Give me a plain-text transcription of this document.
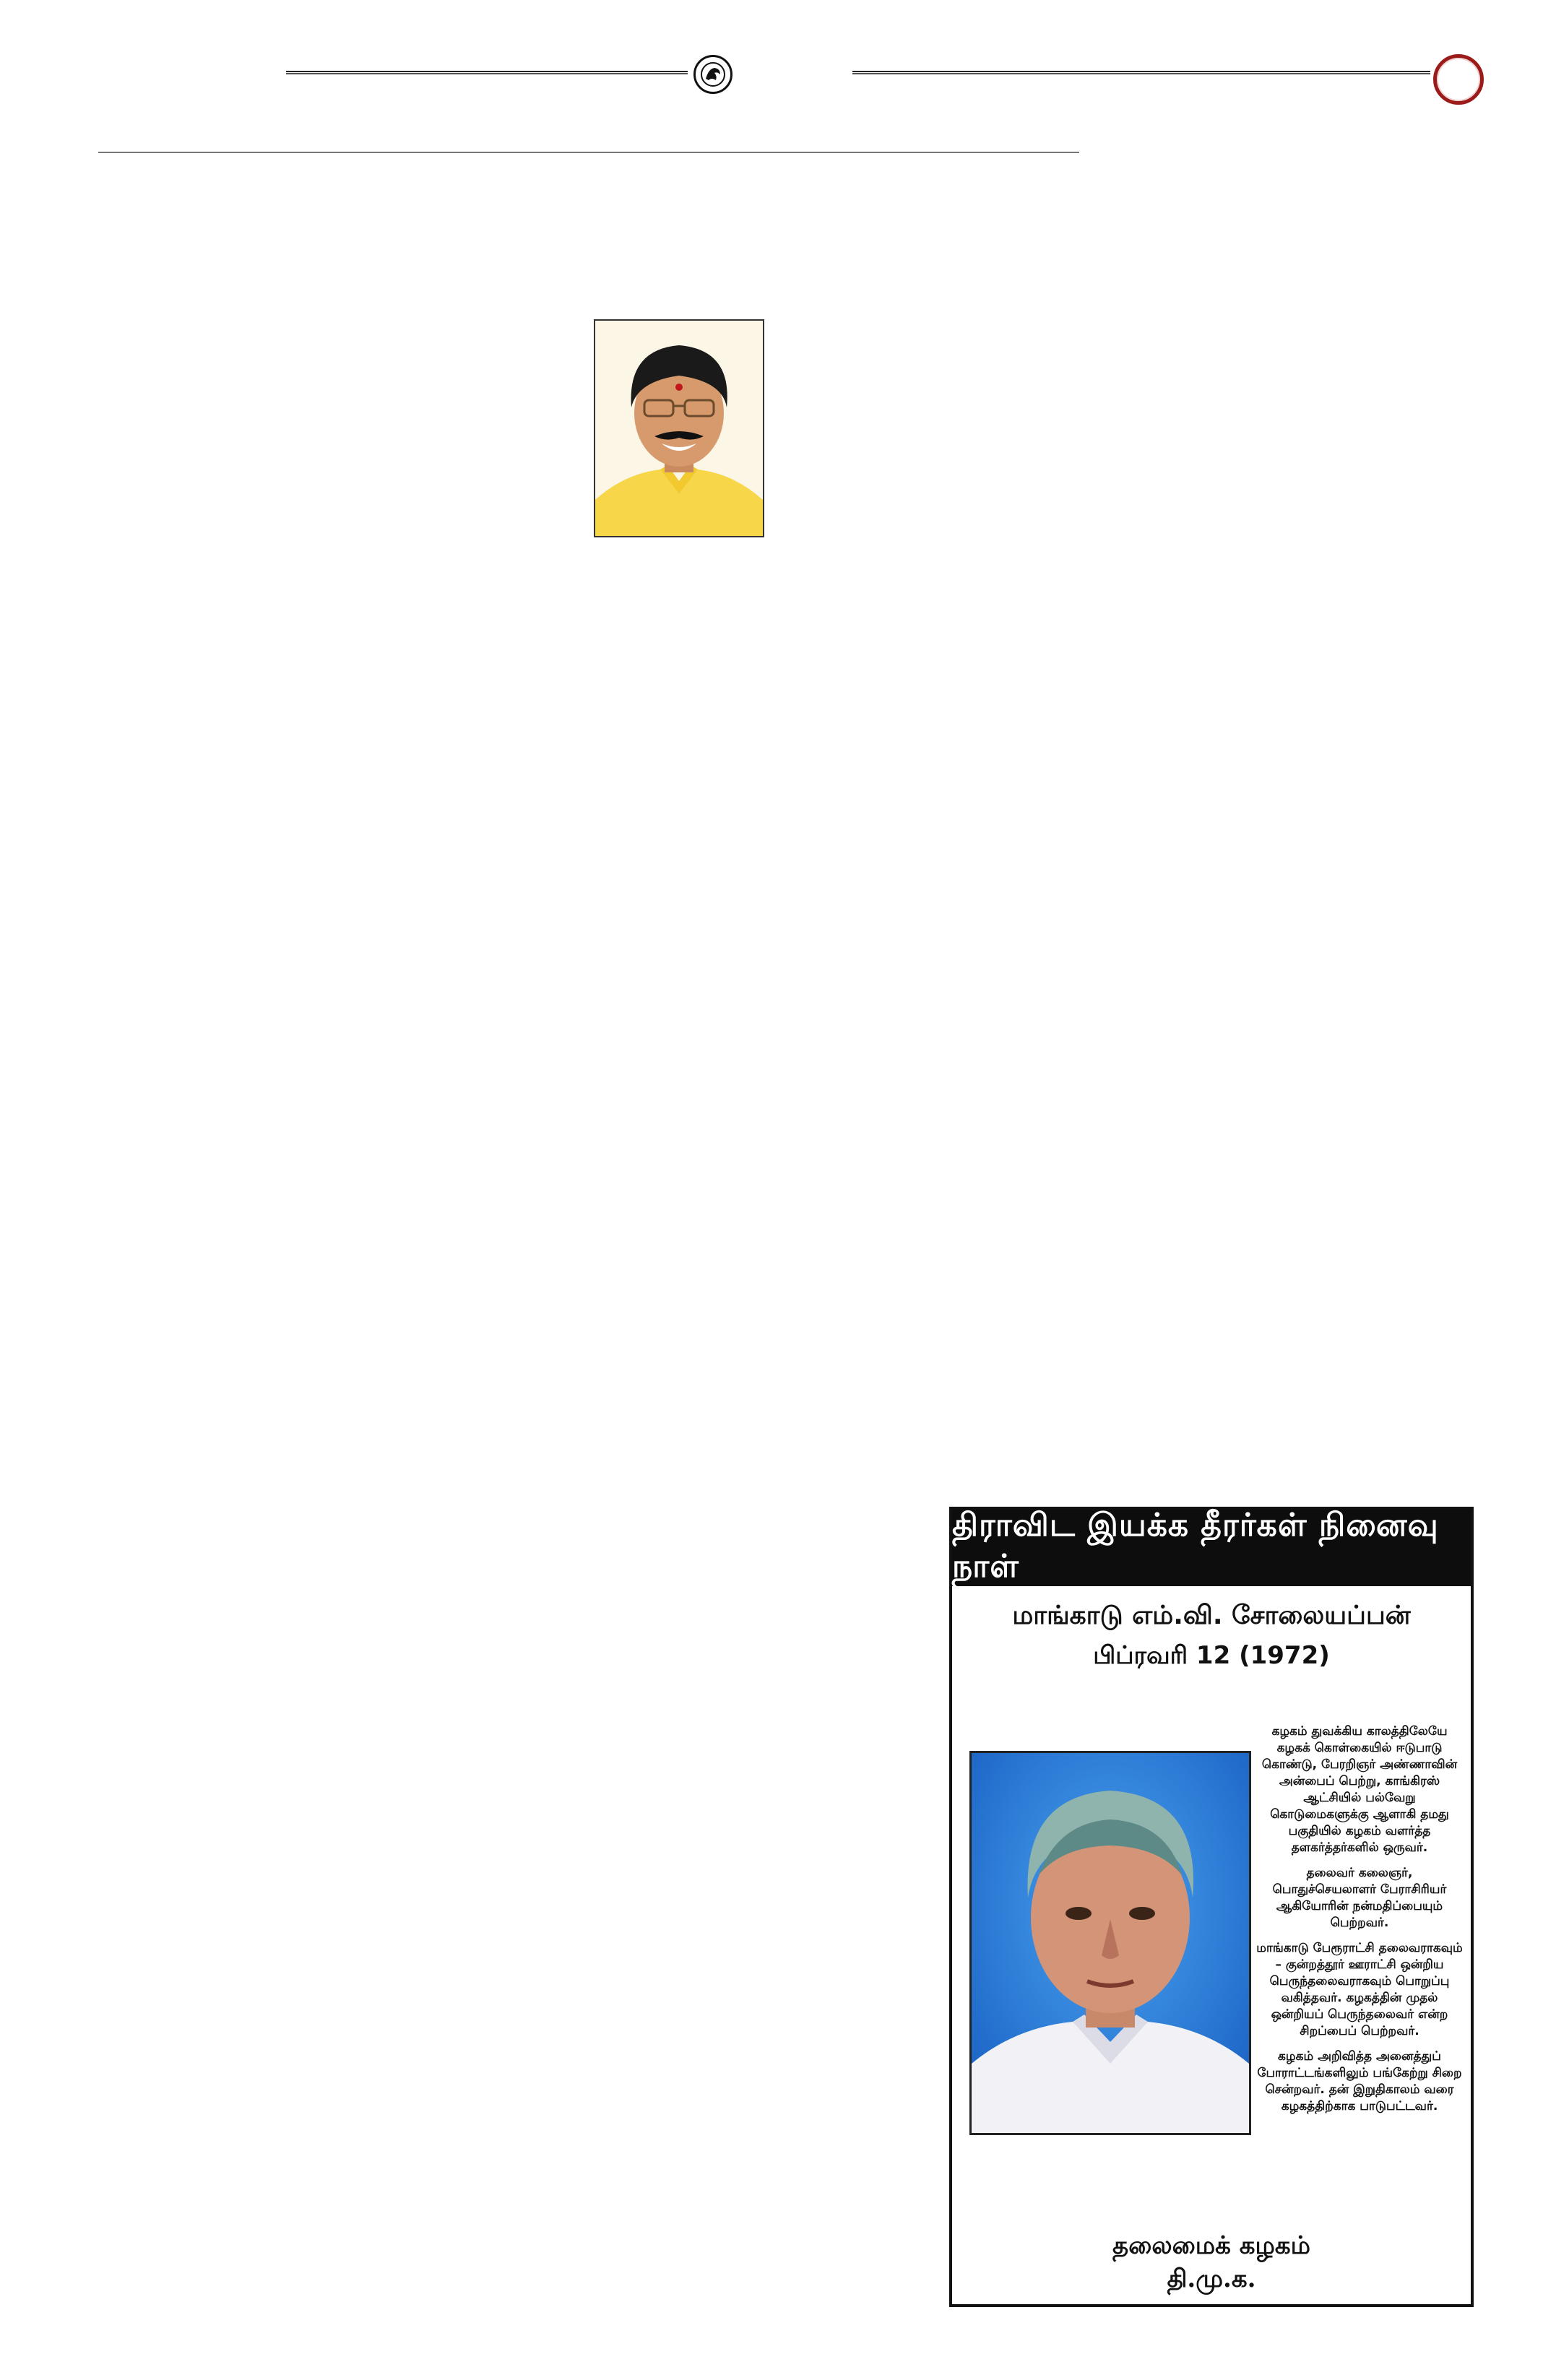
திராவிட இயக்க தீரர்கள் நினைவு நாள்
மாங்காடு எம்.வி. சோலையப்பன்
பிப்ரவரி 12 (1972)

கழகம் துவக்கிய காலத்திலேயே கழகக் கொள்கையில் ஈடுபாடு கொண்டு, பேரறிஞர் அண்ணாவின் அன்பைப் பெற்று, காங்கிரஸ் ஆட்சியில் பல்வேறு கொடுமைகளுக்கு ஆளாகி தமது பகுதியில் கழகம் வளர்த்த தளகர்த்தர்களில் ஒருவர்.

தலைவர் கலைஞர், பொதுச்செயலாளர் பேராசிரியர் ஆகியோரின் நன்மதிப்பையும் பெற்றவர்.

மாங்காடு பேரூராட்சி தலைவராகவும் – குன்றத்தூர் ஊராட்சி ஒன்றிய பெருந்தலைவராகவும் பொறுப்பு வகித்தவர். கழகத்தின் முதல் ஒன்றியப் பெருந்தலைவர் என்ற சிறப்பைப் பெற்றவர்.

கழகம் அறிவித்த அனைத்துப் போராட்டங்களிலும் பங்கேற்று சிறை சென்றவர். தன் இறுதிகாலம் வரை கழகத்திற்காக பாடுபட்டவர்.

தலைமைக் கழகம்
தி.மு.க.
